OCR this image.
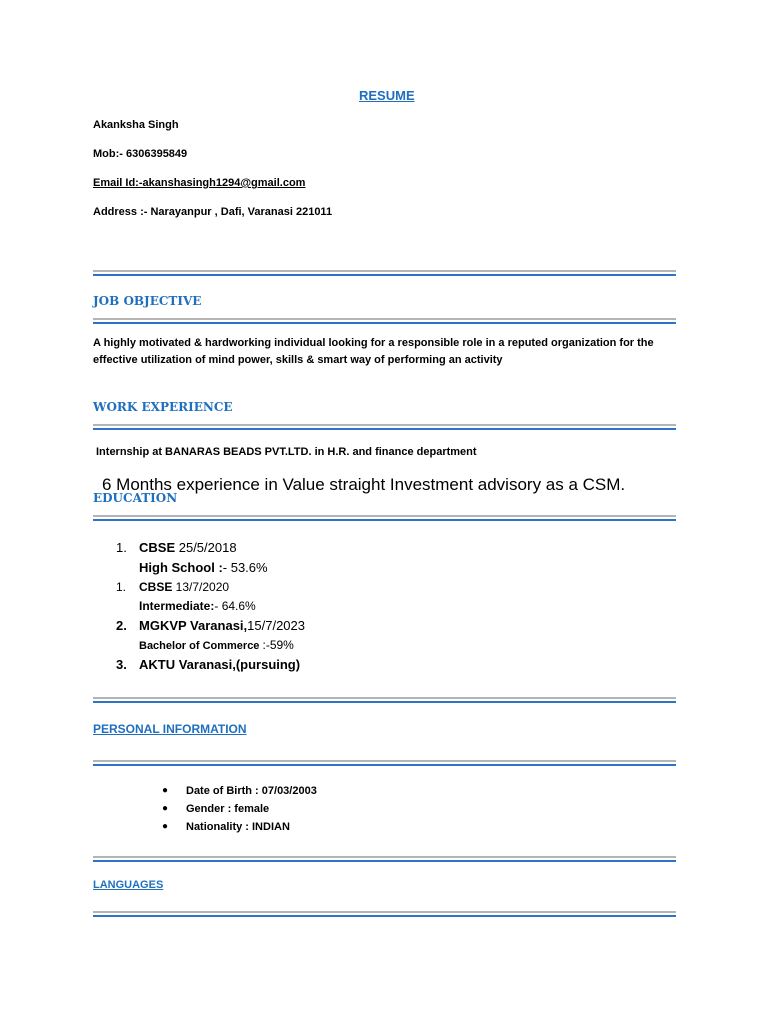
RESUME
Akanksha Singh
Mob:- 6306395849
Email Id:-akanshasingh1294@gmail.com
Address :- Narayanpur , Dafi, Varanasi 221011
JOB OBJECTIVE
A highly motivated & hardworking individual looking for a responsible role in a reputed organization for the
effective utilization of mind power, skills & smart way of performing an activity
WORK EXPERIENCE
Internship at BANARAS BEADS PVT.LTD. in H.R. and finance department
6 Months experience in Value straight Investment advisory as a CSM.
EDUCATION
1. CBSE 25/5/2018
High School :- 53.6%
1. CBSE 13/7/2020
Intermediate:- 64.6%
2. MGKVP Varanasi,15/7/2023
Bachelor of Commerce :-59%
3. AKTU Varanasi,(pursuing)
PERSONAL INFORMATION
● Date of Birth : 07/03/2003
● Gender : female
● Nationality : INDIAN
LANGUAGES
